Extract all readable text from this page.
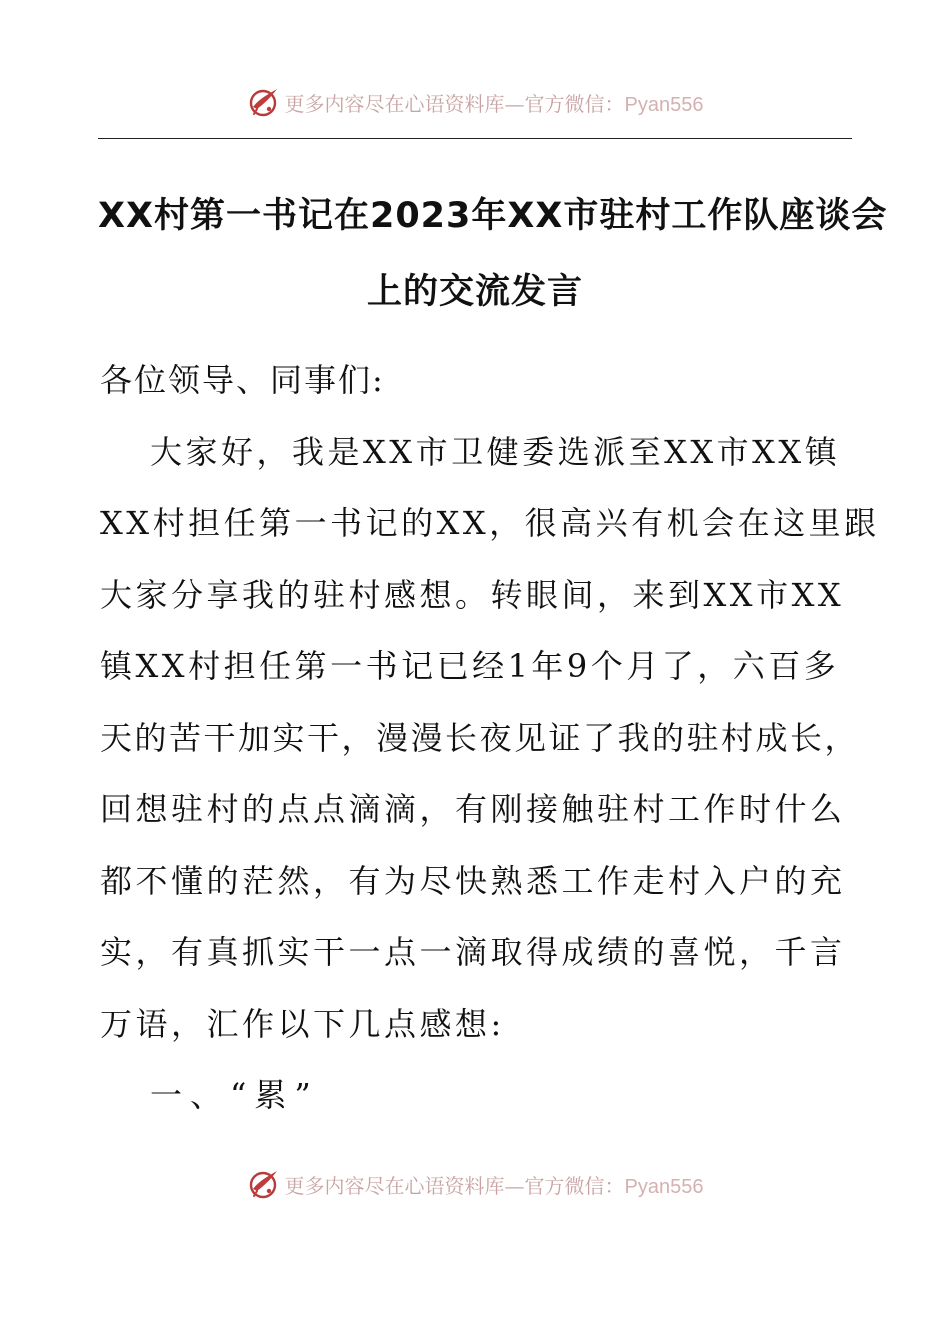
更多内容尽在心语资料库—官方微信：Pyan556
XX村第一书记在2023年XX市驻村工作队座谈会
上的交流发言

各位领导、同事们:

大家好，我是XX市卫健委选派至XX市XX镇

XX村担任第一书记的XX，很高兴有机会在这里跟

大家分享我的驻村感想。转眼间，来到XX市XX

镇XX村担任第一书记已经1年9个月了，六百多

天的苦干加实干，漫漫长夜见证了我的驻村成长，

回想驻村的点点滴滴，有刚接触驻村工作时什么

都不懂的茫然，有为尽快熟悉工作走村入户的充

实，有真抓实干一点一滴取得成绩的喜悦，千言

万语，汇作以下几点感想:

一、“累”

更多内容尽在心语资料库—官方微信：Pyan556
